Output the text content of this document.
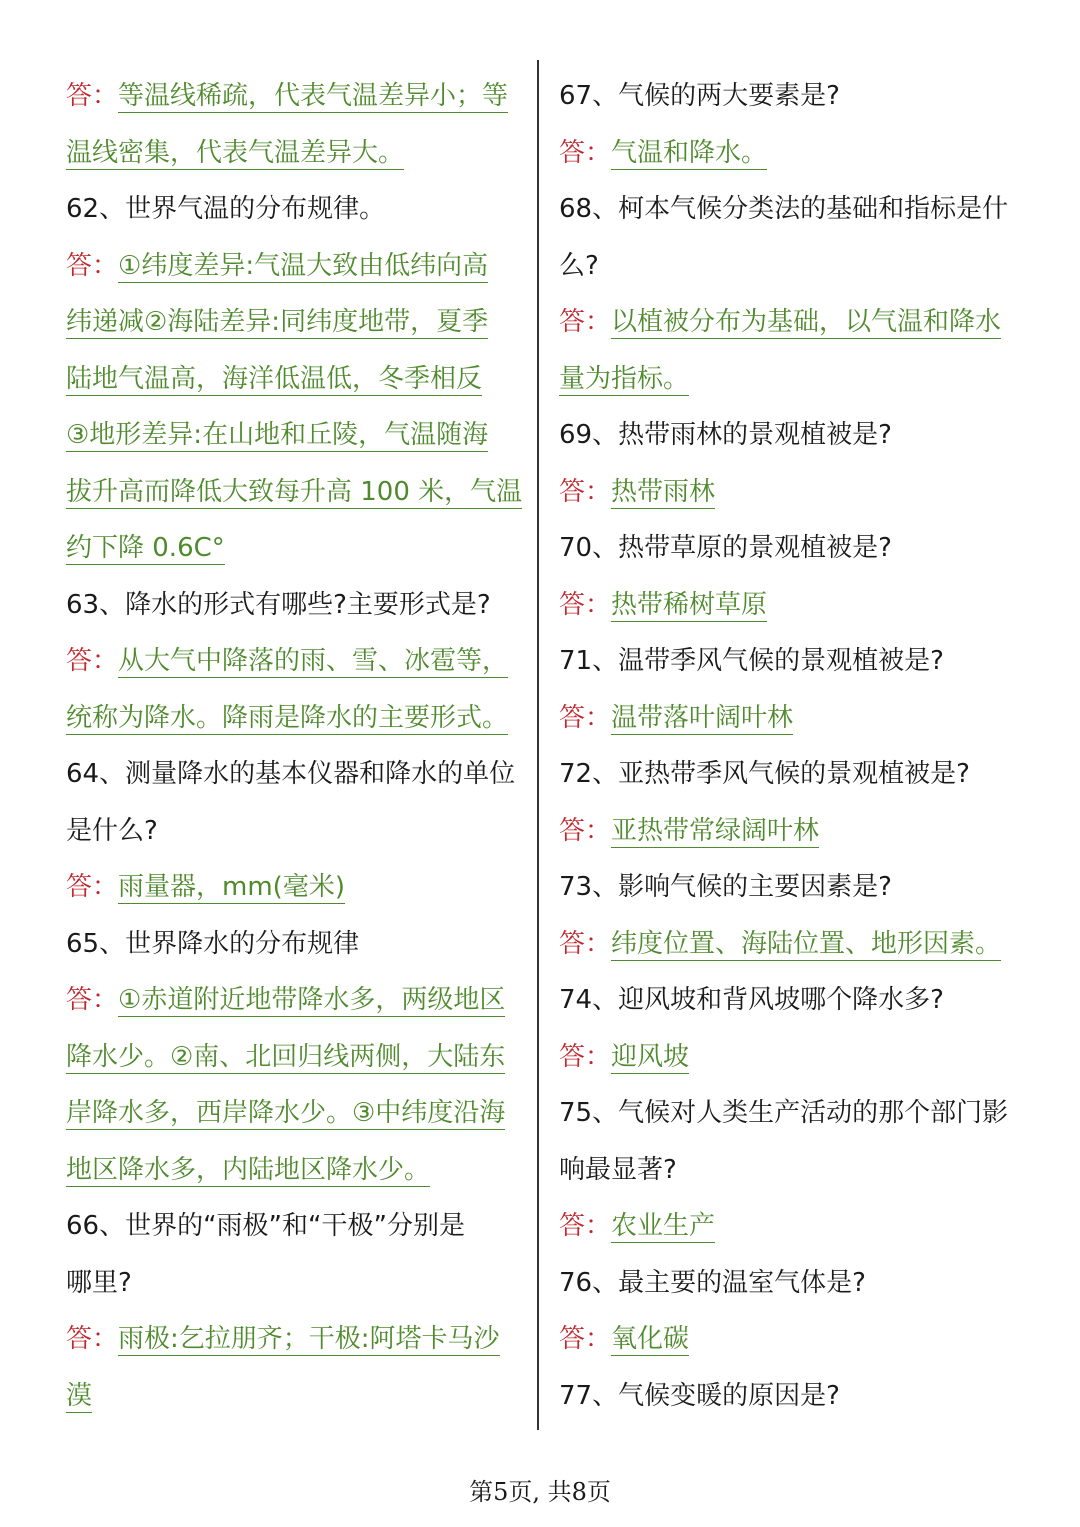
答：等温线稀疏，代表气温差异小；等
温线密集，代表气温差异大。
62、世界气温的分布规律。
答：①纬度差异:气温大致由低纬向高
纬递减②海陆差异:同纬度地带，夏季
陆地气温高，海洋低温低，冬季相反
③地形差异:在山地和丘陵，气温随海
拔升高而降低大致每升高 100 米，气温
约下降 0.6C°
63、降水的形式有哪些?主要形式是?
答：从大气中降落的雨、雪、冰雹等，
统称为降水。降雨是降水的主要形式。
64、测量降水的基本仪器和降水的单位
是什么?
答：雨量器，mm(毫米)
65、世界降水的分布规律
答：①赤道附近地带降水多，两级地区
降水少。②南、北回归线两侧，大陆东
岸降水多，西岸降水少。③中纬度沿海
地区降水多，内陆地区降水少。
66、世界的“雨极”和“干极”分别是
哪里?
答：雨极:乞拉朋齐；干极:阿塔卡马沙
漠
67、气候的两大要素是?
答：气温和降水。
68、柯本气候分类法的基础和指标是什
么?
答：以植被分布为基础，以气温和降水
量为指标。
69、热带雨林的景观植被是?
答：热带雨林
70、热带草原的景观植被是?
答：热带稀树草原
71、温带季风气候的景观植被是?
答：温带落叶阔叶林
72、亚热带季风气候的景观植被是?
答：亚热带常绿阔叶林
73、影响气候的主要因素是?
答：纬度位置、海陆位置、地形因素。
74、迎风坡和背风坡哪个降水多?
答：迎风坡
75、气候对人类生产活动的那个部门影
响最显著?
答：农业生产
76、最主要的温室气体是?
答：氧化碳
77、气候变暖的原因是?
第5页, 共8页
